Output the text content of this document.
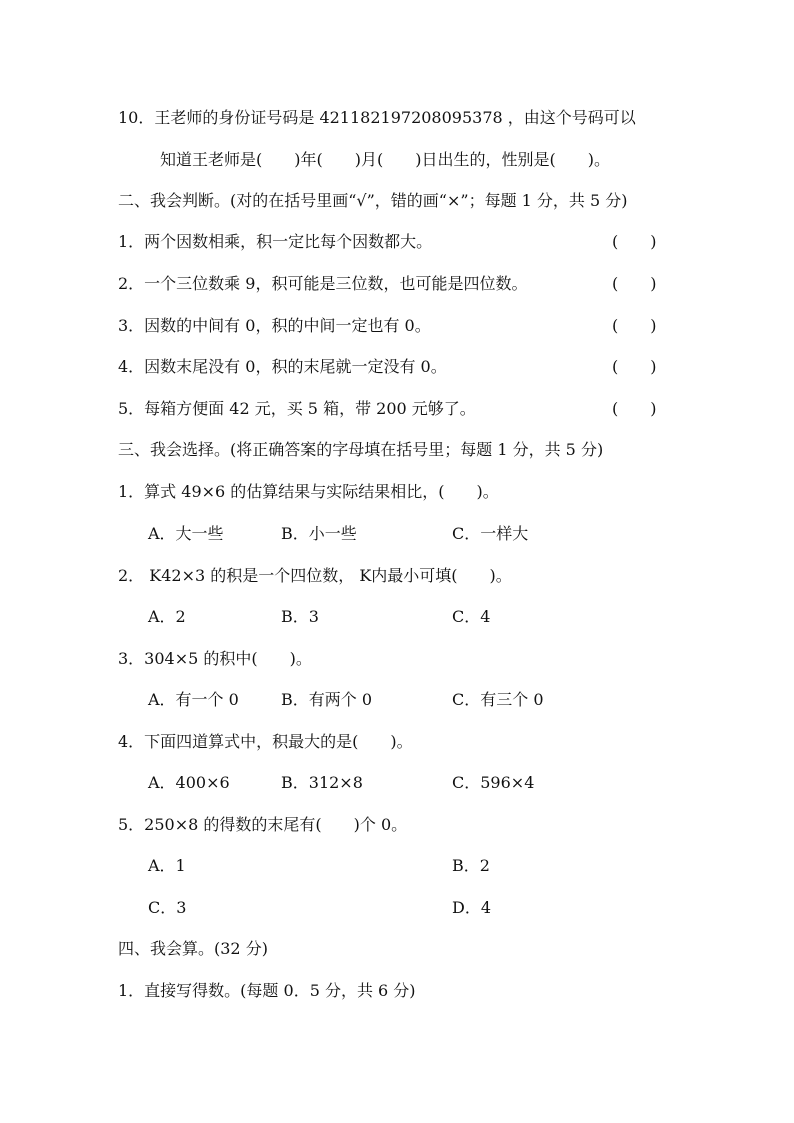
10．王老师的身份证号码是 421182197208095378 ，由这个号码可以
知道王老师是(　　)年(　　)月(　　)日出生的，性别是(　　)。
二、我会判断。(对的在括号里画“√”，错的画“×”；每题 1 分，共 5 分)
1．两个因数相乘，积一定比每个因数都大。	(　　)
2．一个三位数乘 9，积可能是三位数，也可能是四位数。	(　　)
3．因数的中间有 0，积的中间一定也有 0。	(　　)
4．因数末尾没有 0，积的末尾就一定没有 0。	(　　)
5．每箱方便面 42 元，买 5 箱，带 200 元够了。	(　　)
三、我会选择。(将正确答案的字母填在括号里；每题 1 分，共 5 分)
1．算式 49×6 的估算结果与实际结果相比，(　　)。
A．大一些	B．小一些	C．一样大
2． K42×3 的积是一个四位数， K内最小可填(　　)。
A．2	B．3	C．4
3．304×5 的积中(　　)。
A．有一个 0	B．有两个 0	C．有三个 0
4．下面四道算式中，积最大的是(　　)。
A．400×6	B．312×8	C．596×4
5．250×8 的得数的末尾有(　　)个 0。
A．1	B．2
C．3	D．4
四、我会算。(32 分)
1．直接写得数。(每题 0．5 分，共 6 分)
